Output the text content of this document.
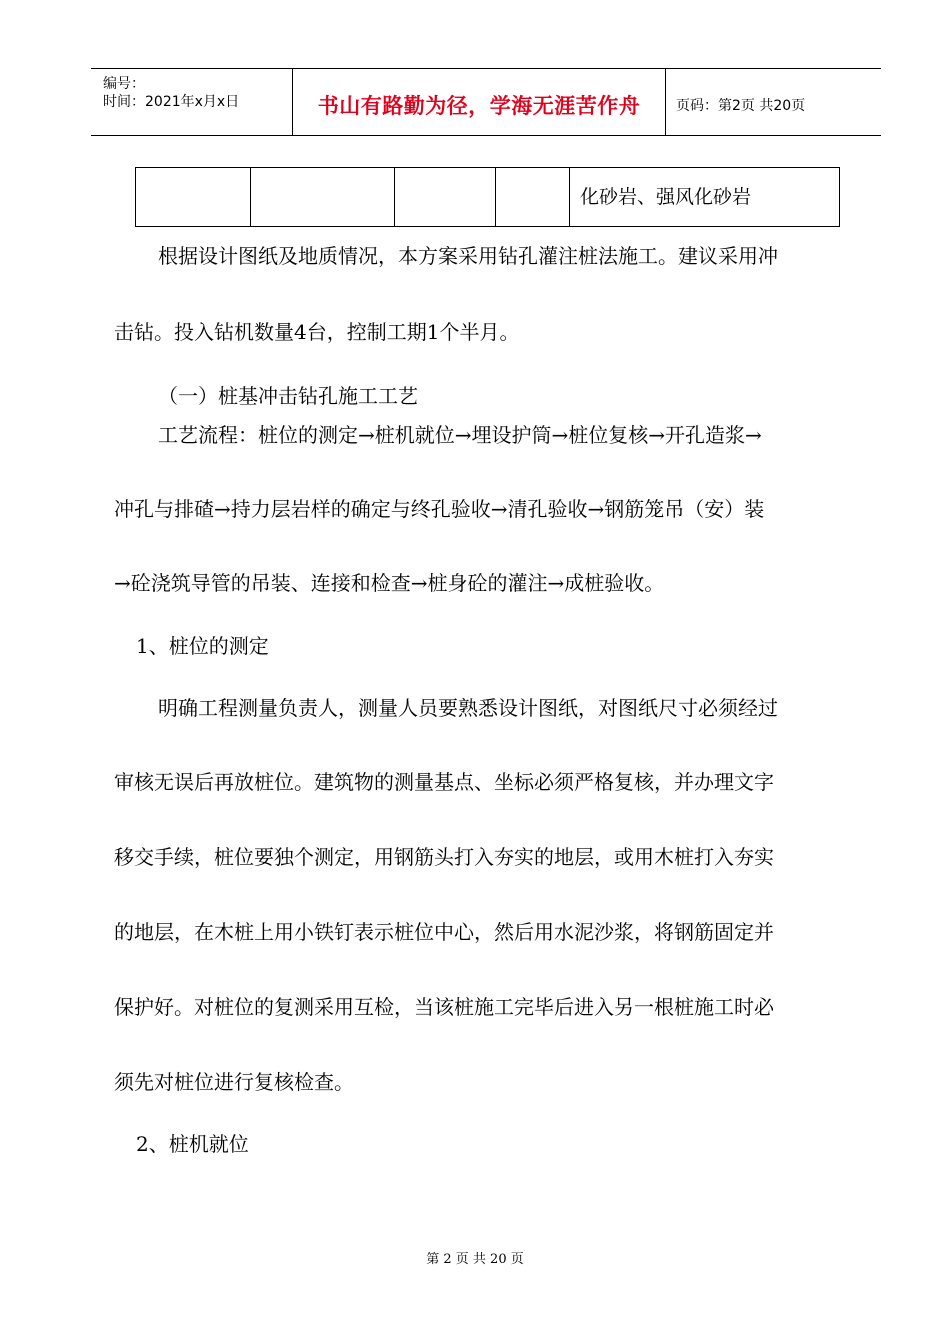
编号：
时间：2021年x月x日	书山有路勤为径，学海无涯苦作舟	页码：第2页 共20页
				化砂岩、强风化砂岩

根据设计图纸及地质情况，本方案采用钻孔灌注桩法施工。建议采用冲

击钻。投入钻机数量4台，控制工期1个半月。

（一）桩基冲击钻孔施工工艺

工艺流程：桩位的测定→桩机就位→埋设护筒→桩位复核→开孔造浆→

冲孔与排碴→持力层岩样的确定与终孔验收→清孔验收→钢筋笼吊（安）装

→砼浇筑导管的吊装、连接和检查→桩身砼的灌注→成桩验收。

1、桩位的测定

明确工程测量负责人，测量人员要熟悉设计图纸，对图纸尺寸必须经过

审核无误后再放桩位。建筑物的测量基点、坐标必须严格复核，并办理文字

移交手续，桩位要独个测定，用钢筋头打入夯实的地层，或用木桩打入夯实

的地层，在木桩上用小铁钉表示桩位中心，然后用水泥沙浆，将钢筋固定并

保护好。对桩位的复测采用互检，当该桩施工完毕后进入另一根桩施工时必

须先对桩位进行复核检查。

2、桩机就位

第 2 页 共 20 页
